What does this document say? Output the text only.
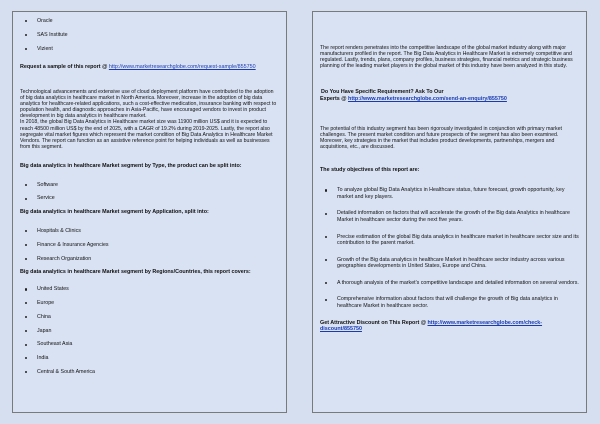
Oracle
SAS Institute
Vizient

Request a sample of this report @ http://www.marketresearchglobe.com/request-sample/855750

Technological advancements and extensive use of cloud deployment platform have contributed to the adoption of big data analytics in healthcare market in North America. Moreover, increase in the adoption of big data analytics for healthcare-related applications, such a cost-effective medication, insurance banking with respect to population health, and diagnostic approaches in Asia-Pacific, have encouraged vendors to invest in product development in big data analytics in healthcare market.

In 2018, the global Big Data Analytics in Healthcare market size was 11900 million US$ and it is expected to reach 48500 million US$ by the end of 2025, with a CAGR of 19.2% during 2019-2025. Lastly, the report also segregate vital market figures which represent the market condition of Big Data Analytics in Healthcare Market Vendors. The report can function as an assistive reference point for helping individuals as well as businesses from this segment.

Big data analytics in healthcare Market segment by Type, the product can be split into:

Software
Service

Big data analytics in healthcare Market segment by Application, split into:

Hospitals & Clinics
Finance & Insurance Agencies
Research Organization

Big data analytics in healthcare Market segment by Regions/Countries, this report covers:

United States
Europe
China
Japan
Southeast Asia
India
Central & South America

The report renders penetrates into the competitive landscape of the global market industry along with major manufacturers profiled in the report. The Big Data Analytics in Healthcare Market is extremely competitive and regulated. Lastly, trends, plans, company profiles, business strategies, financial metrics and strategic business planning of the leading market players in the global market of this industry have been analyzed in this study.

Do You Have Specific Requirement? Ask To Our

Experts @ http://www.marketresearchglobe.com/send-an-enquiry/855750

The potential of this industry segment has been rigorously investigated in conjunction with primary market challenges. The present market condition and future prospects of the segment has also been examined. Moreover, key strategies in the market that includes product developments, partnerships, mergers and acquisitions, etc., are discussed.

The study objectives of this report are:

To analyze global Big Data Analytics in Healthcare status, future forecast, growth opportunity, key market and key players.
Detailed information on factors that will accelerate the growth of the Big data Analytics in healthcare Market in healthcare sector during the next five years.
Precise estimation of the global Big data analytics in healthcare market in healthcare sector size and its contribution to the parent market.
Growth of the Big data analytics in healthcare Market in healthcare sector industry across various geographies developments in United States, Europe and China.
A thorough analysis of the market's competitive landscape and detailed information on several vendors.
Comprehensive information about factors that will challenge the growth of Big data analytics in healthcare Market in healthcare sector.

Get Attractive Discount on This Report @ http://www.marketresearchglobe.com/check-discount/855750
